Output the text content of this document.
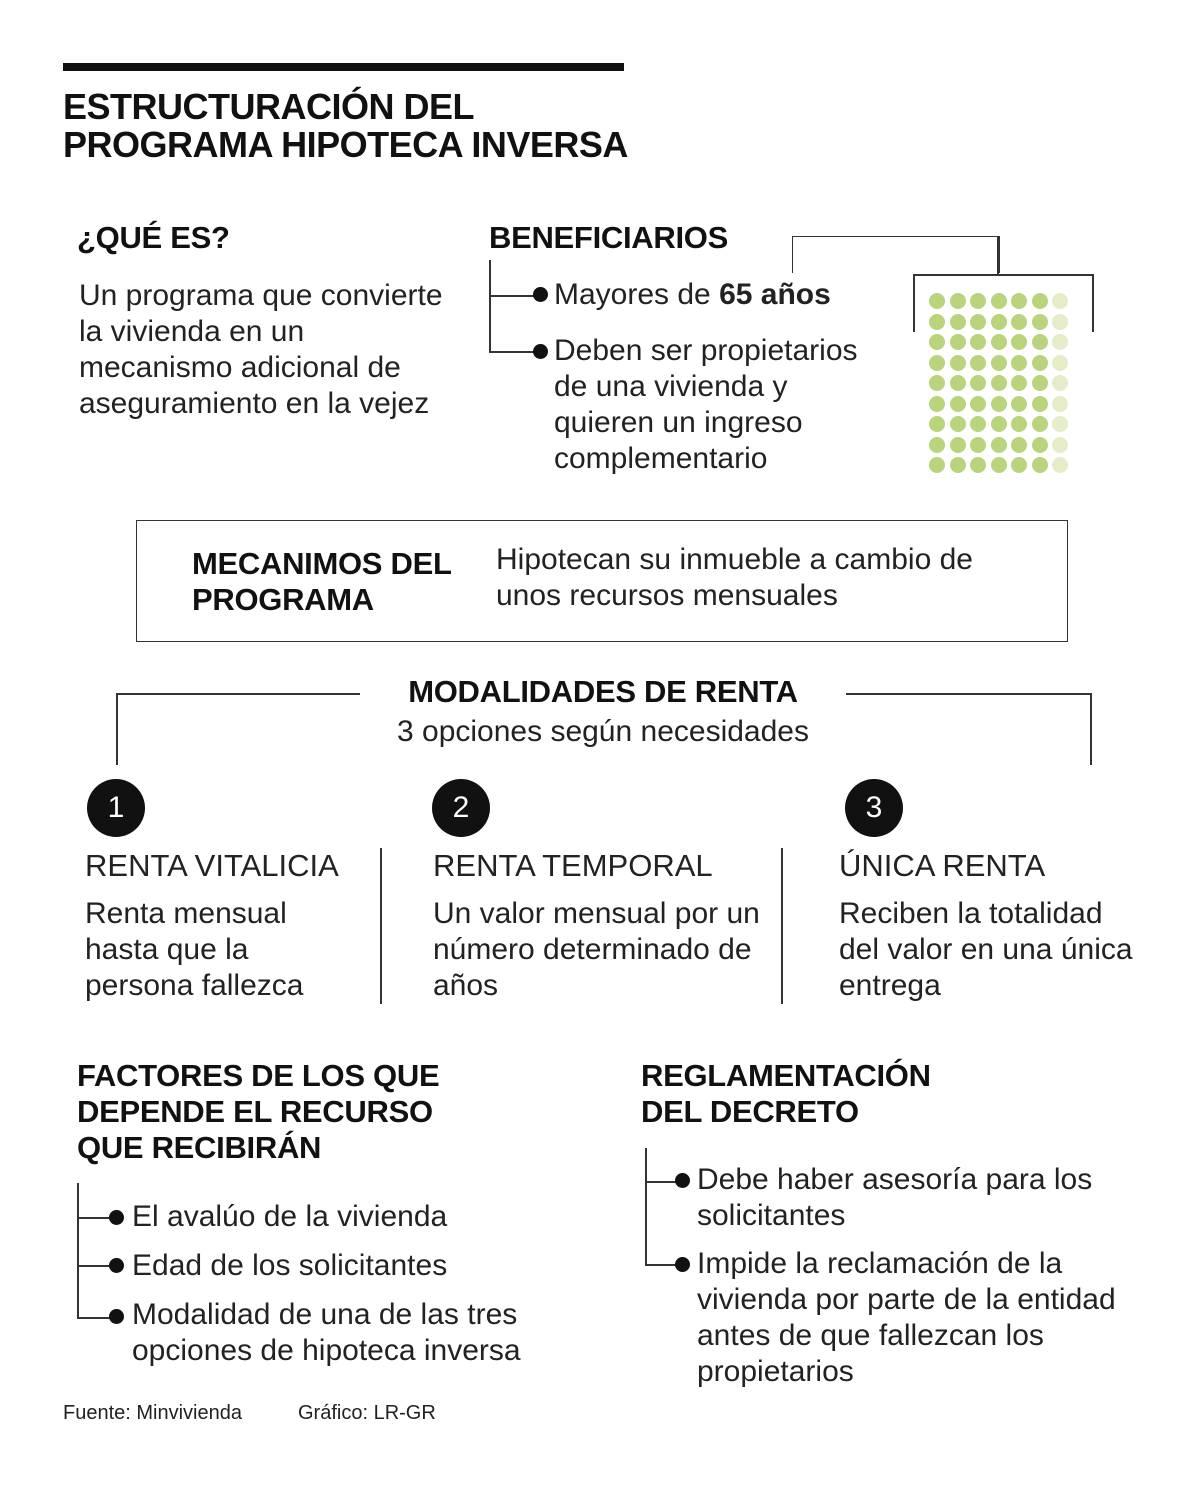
ESTRUCTURACIÓN DEL
PROGRAMA HIPOTECA INVERSA
¿QUÉ ES?
Un programa que convierte la vivienda en un mecanismo adicional de aseguramiento en la vejez
BENEFICIARIOS
Mayores de 65 años
Deben ser propietarios de una vivienda y quieren un ingreso complementario
MECANIMOS DEL PROGRAMA
Hipotecan su inmueble a cambio de unos recursos mensuales
MODALIDADES DE RENTA
3 opciones según necesidades
1
RENTA VITALICIA
Renta mensual hasta que la persona fallezca
2
RENTA TEMPORAL
Un valor mensual por un número determinado de años
3
ÚNICA RENTA
Reciben la totalidad del valor en una única entrega
FACTORES DE LOS QUE DEPENDE EL RECURSO QUE RECIBIRÁN
El avalúo de la vivienda
Edad de los solicitantes
Modalidad de una de las tres opciones de hipoteca inversa
REGLAMENTACIÓN DEL DECRETO
Debe haber asesoría para los solicitantes
Impide la reclamación de la vivienda por parte de la entidad antes de que fallezcan los propietarios
Fuente: Minvivienda	Gráfico: LR-GR
